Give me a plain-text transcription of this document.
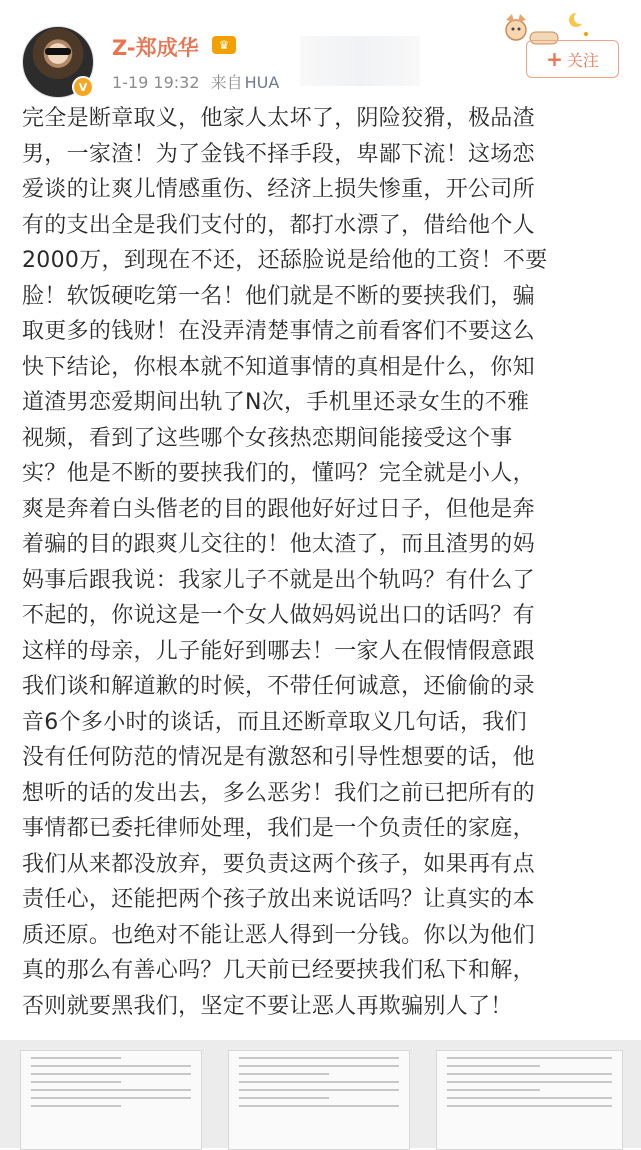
V
Z-郑成华	♛
1-19 19:32 来自 HUA
+ 关注
完全是断章取义，他家人太坏了，阴险狡猾，极品渣
男，一家渣！为了金钱不择手段，卑鄙下流！这场恋
爱谈的让爽儿情感重伤、经济上损失惨重，开公司所
有的支出全是我们支付的，都打水漂了，借给他个人
2000万，到现在不还，还舔脸说是给他的工资！不要
脸！软饭硬吃第一名！他们就是不断的要挟我们，骗
取更多的钱财！在没弄清楚事情之前看客们不要这么
快下结论，你根本就不知道事情的真相是什么，你知
道渣男恋爱期间出轨了N次，手机里还录女生的不雅
视频，看到了这些哪个女孩热恋期间能接受这个事
实？他是不断的要挟我们的，懂吗？完全就是小人，
爽是奔着白头偕老的目的跟他好好过日子，但他是奔
着骗的目的跟爽儿交往的！他太渣了，而且渣男的妈
妈事后跟我说：我家儿子不就是出个轨吗？有什么了
不起的，你说这是一个女人做妈妈说出口的话吗？有
这样的母亲，儿子能好到哪去！一家人在假情假意跟
我们谈和解道歉的时候，不带任何诚意，还偷偷的录
音6个多小时的谈话，而且还断章取义几句话，我们
没有任何防范的情况是有激怒和引导性想要的话，他
想听的话的发出去，多么恶劣！我们之前已把所有的
事情都已委托律师处理，我们是一个负责任的家庭，
我们从来都没放弃，要负责这两个孩子，如果再有点
责任心，还能把两个孩子放出来说话吗？让真实的本
质还原。也绝对不能让恶人得到一分钱。你以为他们
真的那么有善心吗？几天前已经要挟我们私下和解，
否则就要黑我们，坚定不要让恶人再欺骗别人了！
